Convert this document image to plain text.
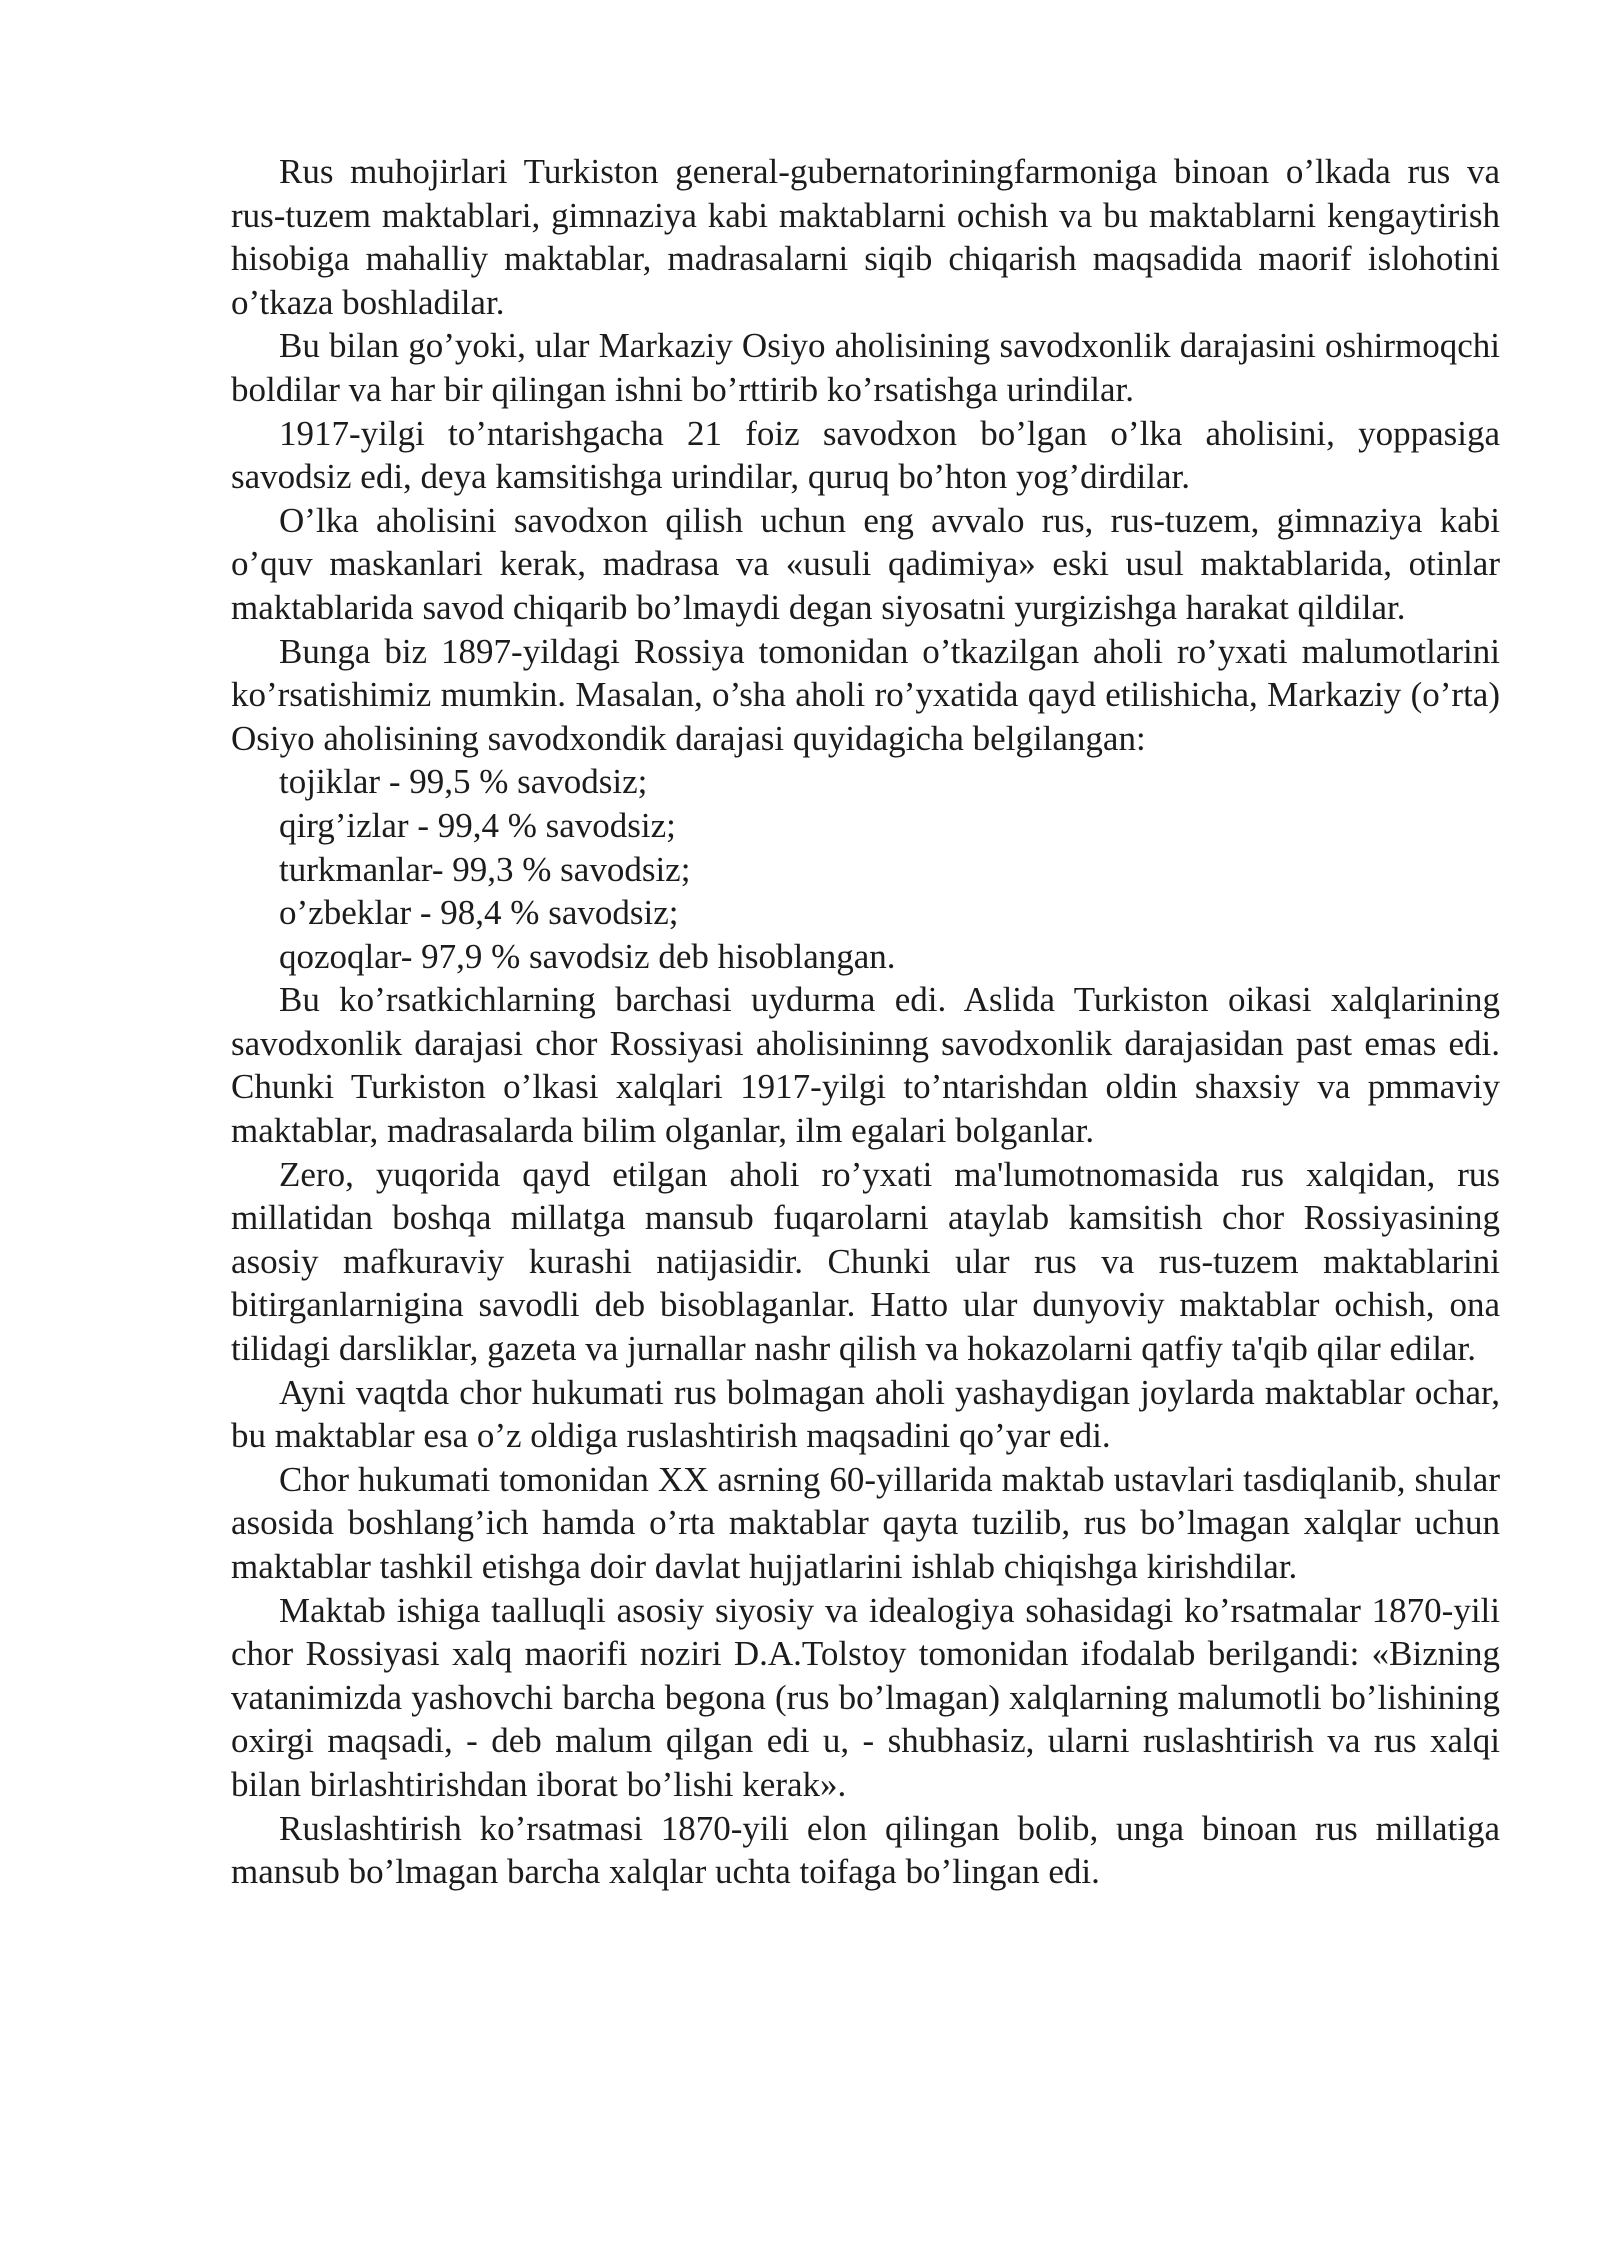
Rus muhojirlari Turkiston general-gubernatoriningfarmoniga binoan o’lkada rus va rus-tuzem maktablari, gimnaziya kabi maktablarni ochish va bu maktablarni kengaytirish hisobiga mahalliy maktablar, madrasalarni siqib chiqarish maqsadida maorif islohotini o’tkaza boshladilar.

Bu bilan go’yoki, ular Markaziy Osiyo aholisining savodxonlik darajasini oshirmoqchi boldilar va har bir qilingan ishni bo’rttirib ko’rsatishga urindilar.

1917-yilgi to’ntarishgacha 21 foiz savodxon bo’lgan o’lka aholisini, yoppasiga savodsiz edi, deya kamsitishga urindilar, quruq bo’hton yog’dirdilar.

O’lka aholisini savodxon qilish uchun eng avvalo rus, rus-tuzem, gimnaziya kabi o’quv maskanlari kerak, madrasa va «usuli qadimiya» eski usul maktablarida, otinlar maktablarida savod chiqarib bo’lmaydi degan siyosatni yurgizishga harakat qildilar.

Bunga biz 1897-yildagi Rossiya tomonidan o’tkazilgan aholi ro’yxati malumotlarini ko’rsatishimiz mumkin. Masalan, o’sha aholi ro’yxatida qayd etilishicha, Markaziy (o’rta) Osiyo aholisining savodxondik darajasi quyidagicha belgilangan:

tojiklar - 99,5 % savodsiz;

qirg’izlar - 99,4 % savodsiz;

turkmanlar- 99,3 % savodsiz;

o’zbeklar - 98,4 % savodsiz;

qozoqlar- 97,9 % savodsiz deb hisoblangan.

Bu ko’rsatkichlarning barchasi uydurma edi. Aslida Turkiston oikasi xalqlarining savodxonlik darajasi chor Rossiyasi aholisininng savodxonlik darajasidan past emas edi. Chunki Turkiston o’lkasi xalqlari 1917-yilgi to’ntarishdan oldin shaxsiy va pmmaviy maktablar, madrasalarda bilim olganlar, ilm egalari bolganlar.

Zero, yuqorida qayd etilgan aholi ro’yxati ma'lumotnomasida rus xalqidan, rus millatidan boshqa millatga mansub fuqarolarni ataylab kamsitish chor Rossiyasining asosiy mafkuraviy kurashi natijasidir. Chunki ular rus va rus-tuzem maktablarini bitirganlarnigina savodli deb bisoblaganlar. Hatto ular dunyoviy maktablar ochish, ona tilidagi darsliklar, gazeta va jurnallar nashr qilish va hokazolarni qatfiy ta'qib qilar edilar.

Ayni vaqtda chor hukumati rus bolmagan aholi yashaydigan joylarda maktablar ochar, bu maktablar esa o’z oldiga ruslashtirish maqsadini qo’yar edi.

Chor hukumati tomonidan XX asrning 60-yillarida maktab ustavlari tasdiqlanib, shular asosida boshlang’ich hamda o’rta maktablar qayta tuzilib, rus bo’lmagan xalqlar uchun maktablar tashkil etishga doir davlat hujjatlarini ishlab chiqishga kirishdilar.

Maktab ishiga taalluqli asosiy siyosiy va idealogiya sohasidagi ko’rsatmalar 1870-yili chor Rossiyasi xalq maorifi noziri D.A.Tolstoy tomonidan ifodalab berilgandi: «Bizning vatanimizda yashovchi barcha begona (rus bo’lmagan) xalqlarning malumotli bo’lishining oxirgi maqsadi, - deb malum qilgan edi u, - shubhasiz, ularni ruslashtirish va rus xalqi bilan birlashtirishdan iborat bo’lishi kerak».

Ruslashtirish ko’rsatmasi 1870-yili elon qilingan bolib, unga binoan rus millatiga mansub bo’lmagan barcha xalqlar uchta toifaga bo’lingan edi.
